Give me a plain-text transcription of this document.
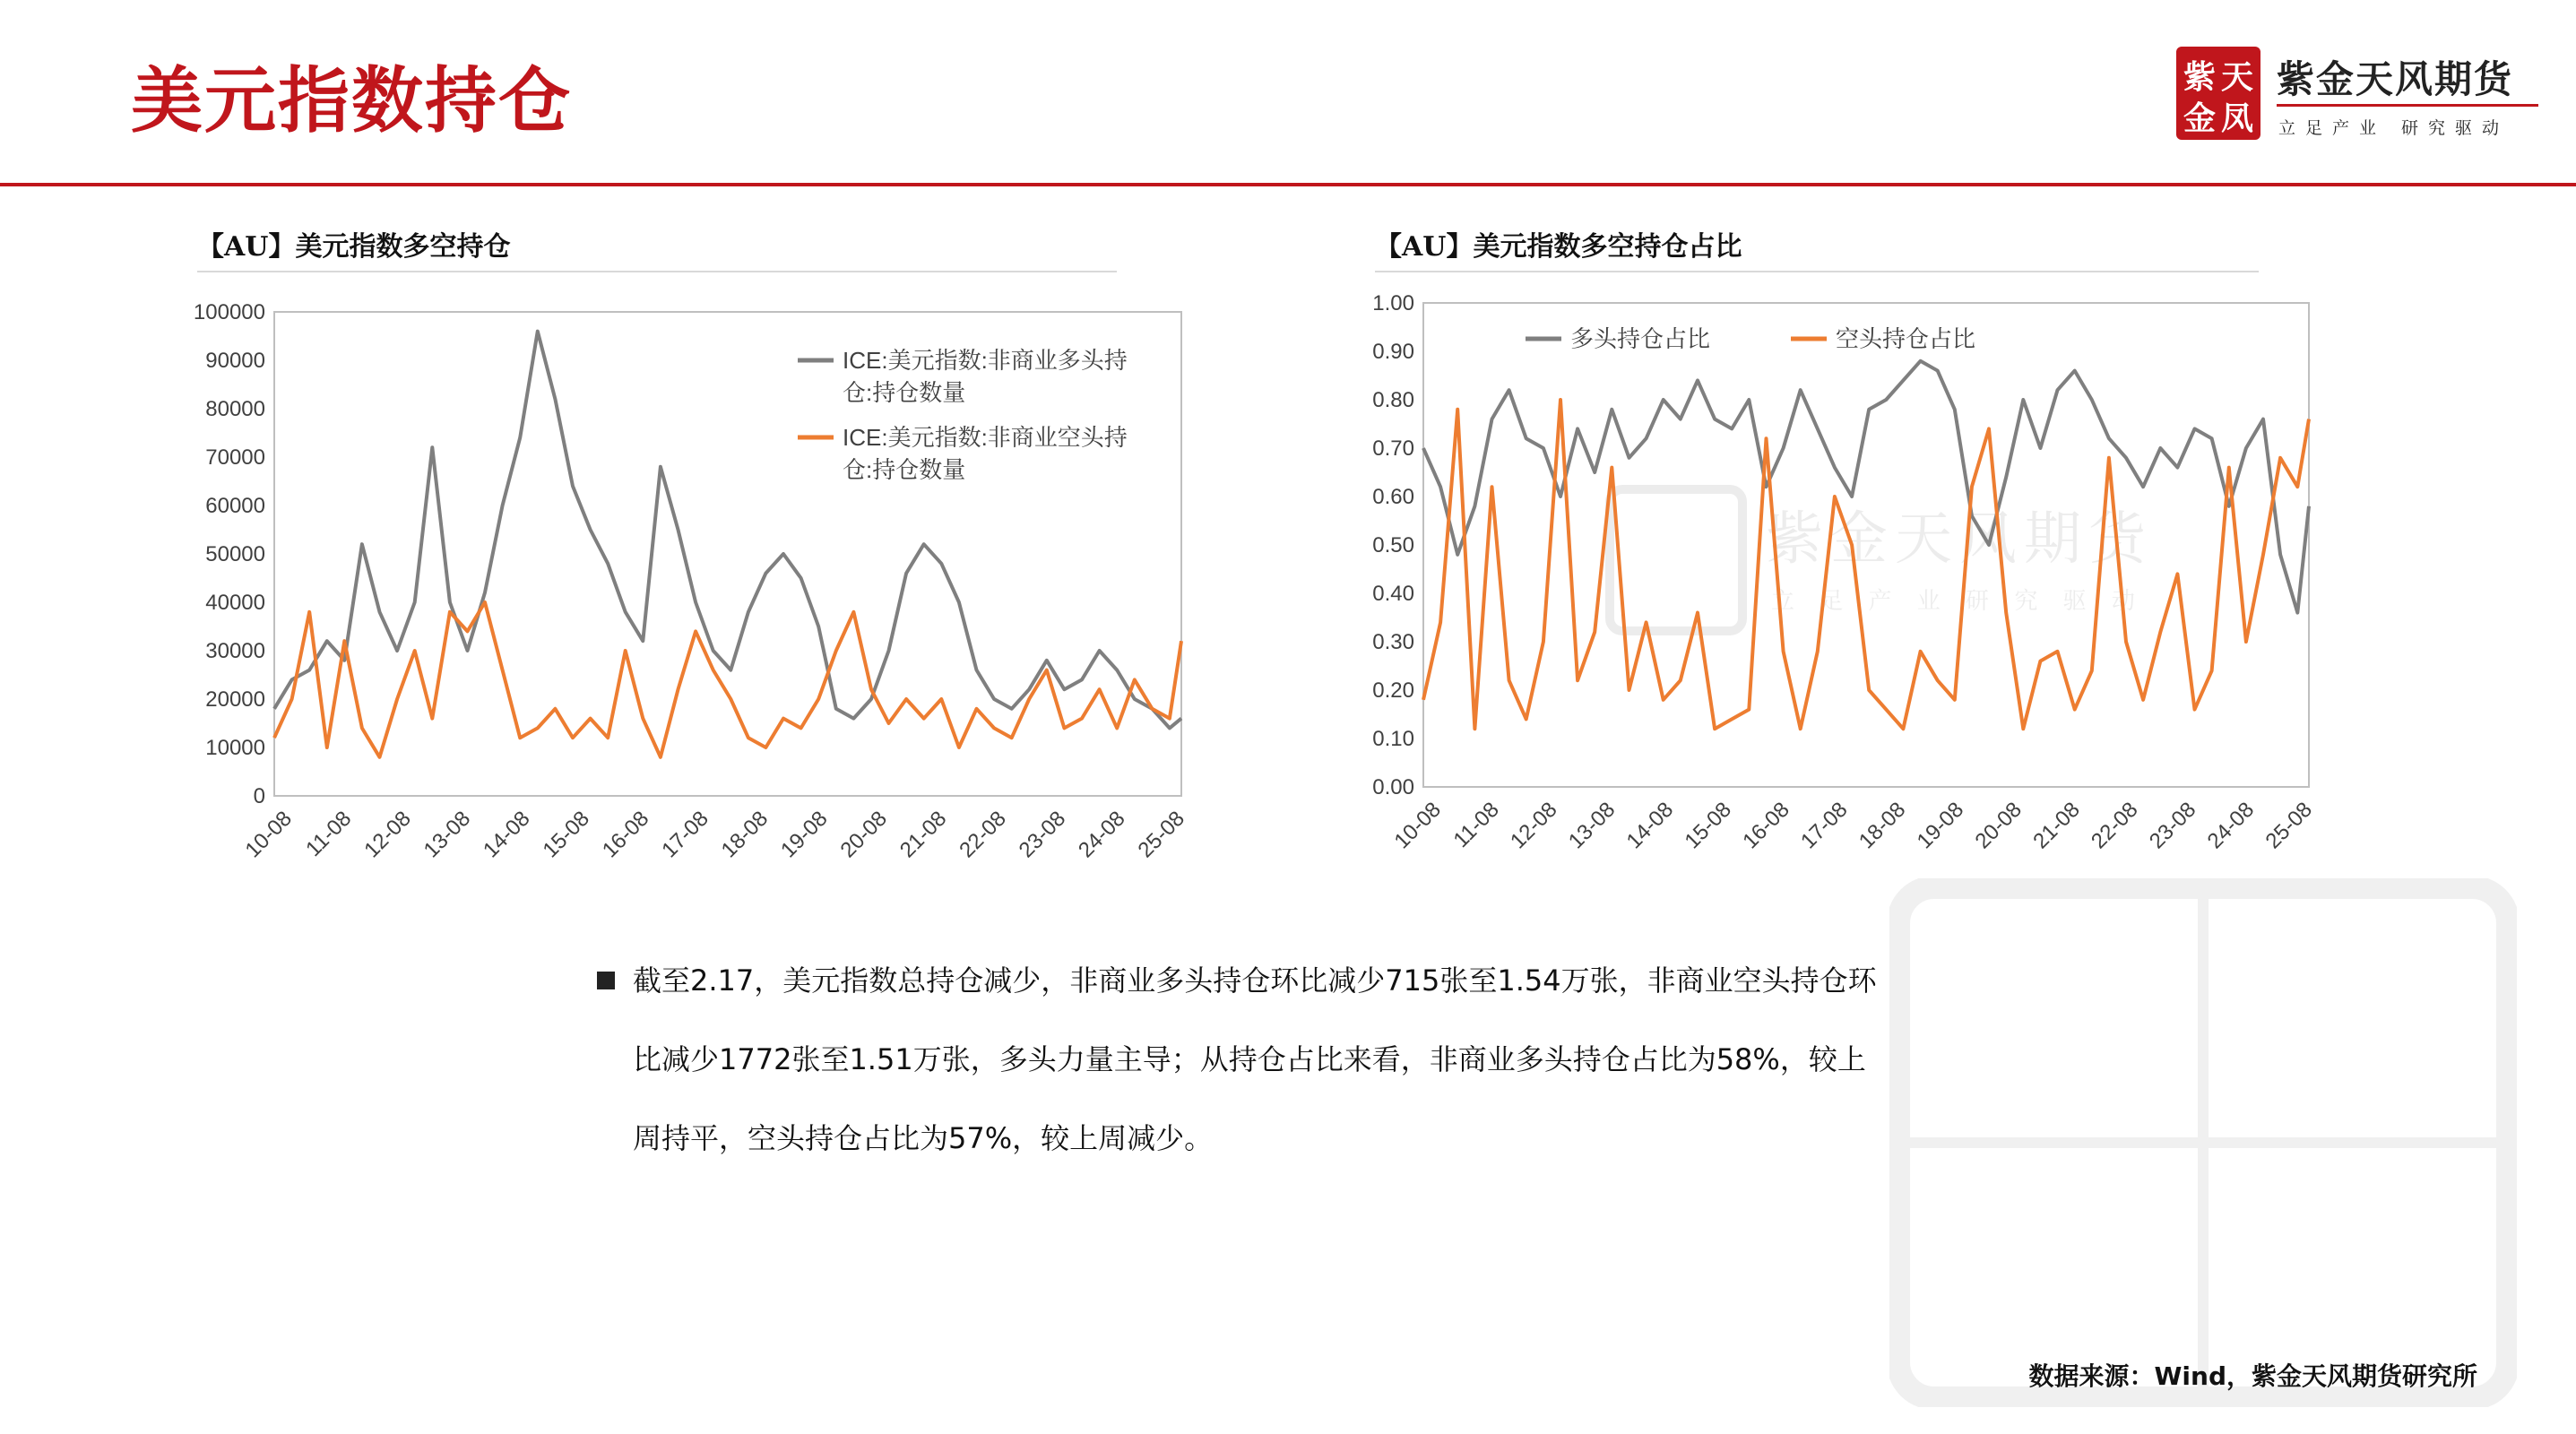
美元指数持仓	紫 天
金 凤
紫金天风期货
立足产业 研究驱动
紫金天风期货
立 足 产 业 研 究 驱 动
【AU】美元指数多空持仓
0
10000
20000
30000
40000
50000
60000
70000
80000
90000
100000
10-08 11-08 12-08 13-08 14-08 15-08 16-08 17-08 18-08 19-08 20-08 21-08 22-08 23-08 24-08 25-08
ICE:美元指数:非商业多头持
仓:持仓数量
ICE:美元指数:非商业空头持
仓:持仓数量
【AU】美元指数多空持仓占比
0.00
0.10
0.20
0.30
0.40
0.50
0.60
0.70
0.80
0.90
1.00
10-08 11-08 12-08 13-08 14-08 15-08 16-08 17-08 18-08 19-08 20-08 21-08 22-08 23-08 24-08 25-08
多头持仓占比	空头持仓占比
截至2.17，美元指数总持仓减少，非商业多头持仓环比减少715张至1.54万张，非商业空头持仓环比减少1772张至1.51万张，多头力量主导；从持仓占比来看，非商业多头持仓占比为58%，较上周持平，空头持仓占比为57%，较上周减少。
数据来源：Wind，紫金天风期货研究所
